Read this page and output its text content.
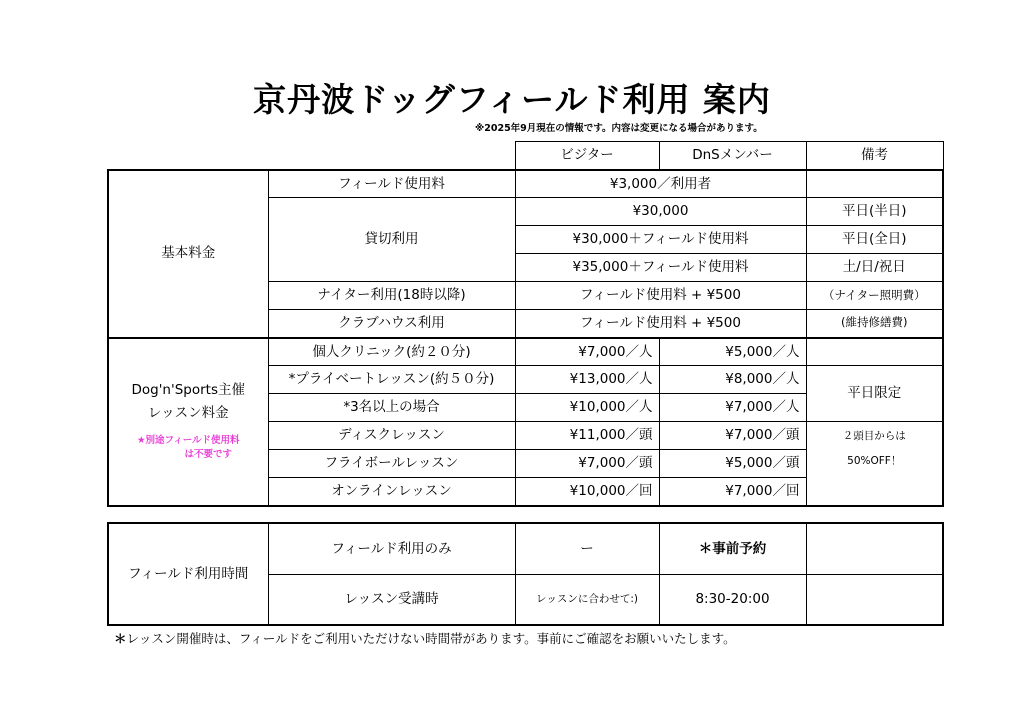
京丹波ドッグフィールド利用 案内
※2025年9月現在の情報です。内容は変更になる場合があります。
		ビジター	DnSメンバー	備考
基本料金	フィールド使用料	¥3,000／利用者		
	貸切利用	¥30,000		平日(半日)
		¥30,000＋フィールド使用料		平日(全日)
		¥35,000＋フィールド使用料		土/日/祝日
	ナイター利用(18時以降)	フィールド使用料 + ¥500		（ナイター照明費）
	クラブハウス利用	フィールド使用料 + ¥500		(維持修繕費)

Dog'n'Sports主催
レッスン料金
★別途フィールド使用料
は不要です	個人クリニック(約２０分)	¥7,000／人	¥5,000／人	
	*プライベートレッスン(約５０分)	¥13,000／人	¥8,000／人	平日限定
	*3名以上の場合	¥10,000／人	¥7,000／人	
	ディスクレッスン	¥11,000／頭	¥7,000／頭	２頭目からは
50%OFF！

	フライボールレッスン	¥7,000／頭	¥5,000／頭	
	オンラインレッスン	¥10,000／回	¥7,000／回	
フィールド利用時間	フィールド利用のみ	ー	＊事前予約	
	レッスン受講時	レッスンに合わせて:)	8:30-20:00	
＊レッスン開催時は、フィールドをご利用いただけない時間帯があります。事前にご確認をお願いいたします。
